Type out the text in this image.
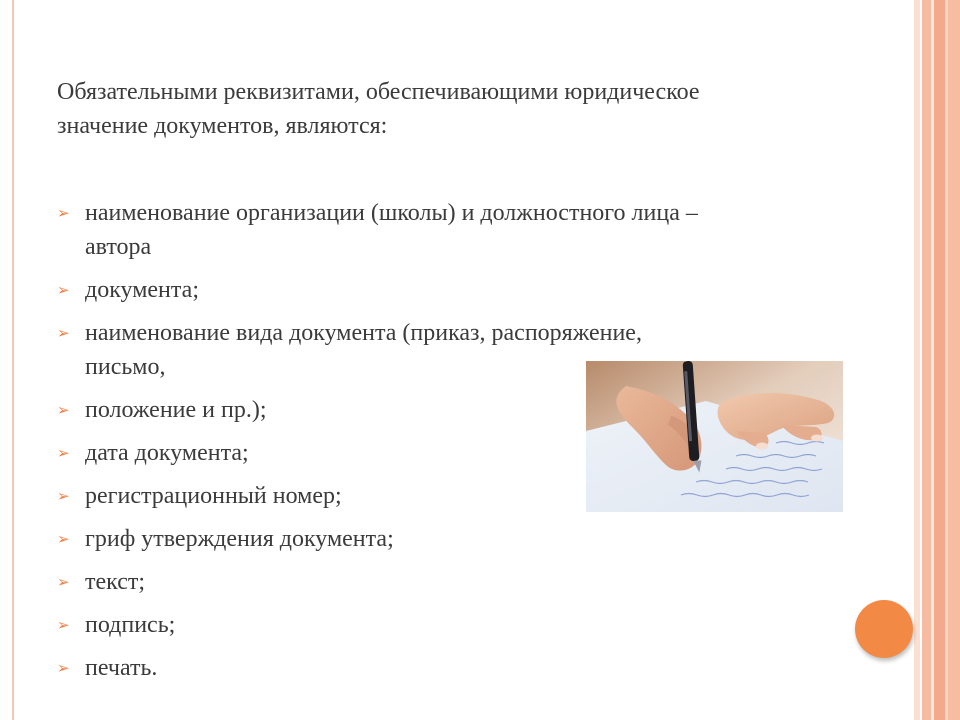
Обязательными реквизитами, обеспечивающими юридическое
значение документов, являются:
➢ наименование организации (школы) и должностного лица –
автора
➢ документа;
➢ наименование вида документа (приказ, распоряжение,
письмо,
➢ положение и пр.);
➢ дата документа;
➢ регистрационный номер;
➢ гриф утверждения документа;
➢ текст;
➢ подпись;
➢ печать.
